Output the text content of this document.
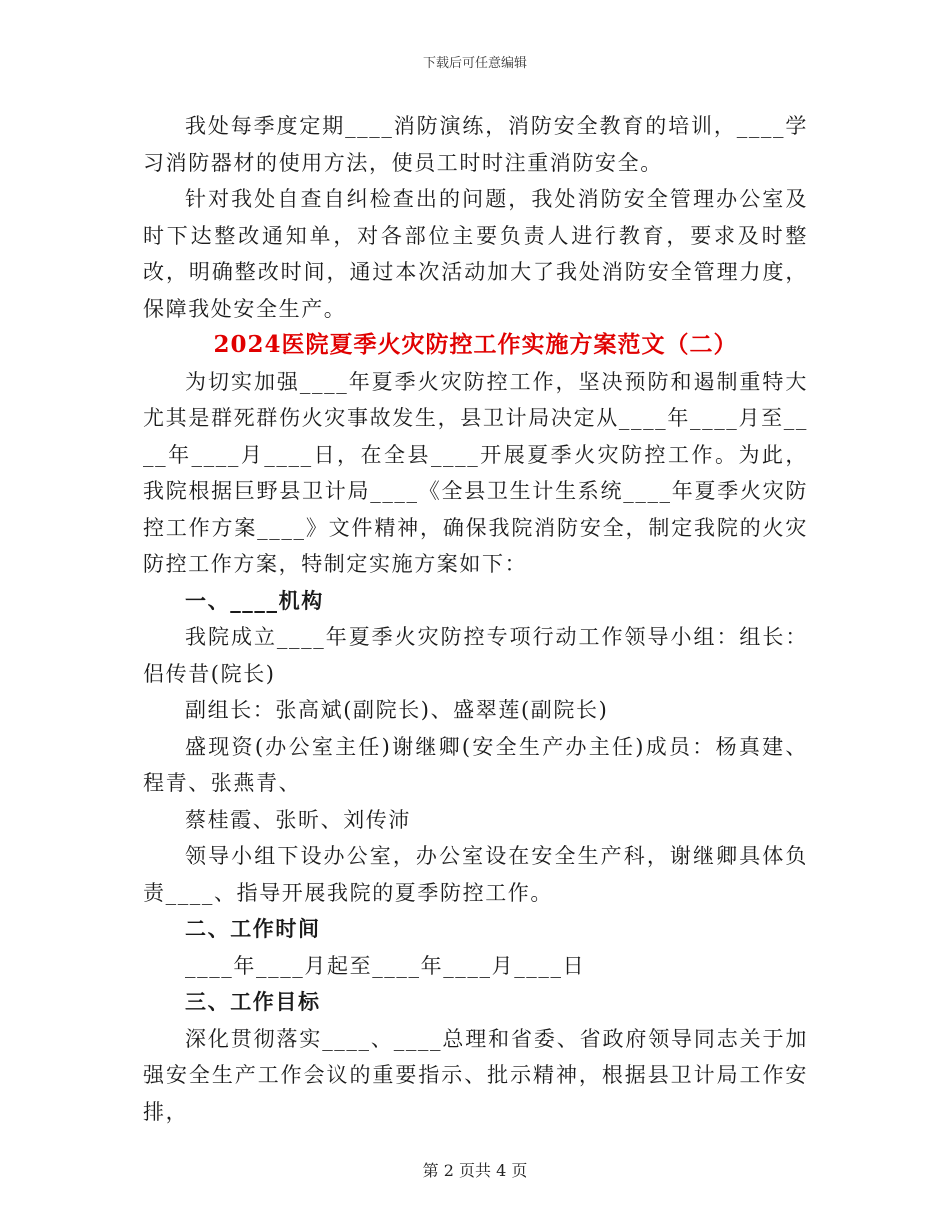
下载后可任意编辑

我处每季度定期____消防演练，消防安全教育的培训，____学习消防器材的使用方法，使员工时时注重消防安全。

针对我处自查自纠检查出的问题，我处消防安全管理办公室及时下达整改通知单，对各部位主要负责人进行教育，要求及时整改，明确整改时间，通过本次活动加大了我处消防安全管理力度，保障我处安全生产。

2024医院夏季火灾防控工作实施方案范文（二）

为切实加强____年夏季火灾防控工作，坚决预防和遏制重特大尤其是群死群伤火灾事故发生，县卫计局决定从____年____月至____年____月____日，在全县____开展夏季火灾防控工作。为此，我院根据巨野县卫计局____《全县卫生计生系统____年夏季火灾防控工作方案____》文件精神，确保我院消防安全，制定我院的火灾防控工作方案，特制定实施方案如下：

一、____机构

我院成立____年夏季火灾防控专项行动工作领导小组：组长：侣传昔(院长)

副组长：张高斌(副院长)、盛翠莲(副院长)

盛现资(办公室主任)谢继卿(安全生产办主任)成员：杨真建、程青、张燕青、

蔡桂霞、张昕、刘传沛

领导小组下设办公室，办公室设在安全生产科，谢继卿具体负责____、指导开展我院的夏季防控工作。

二、工作时间

____年____月起至____年____月____日

三、工作目标

深化贯彻落实____、____总理和省委、省政府领导同志关于加强安全生产工作会议的重要指示、批示精神，根据县卫计局工作安排，

第 2 页共 4 页
